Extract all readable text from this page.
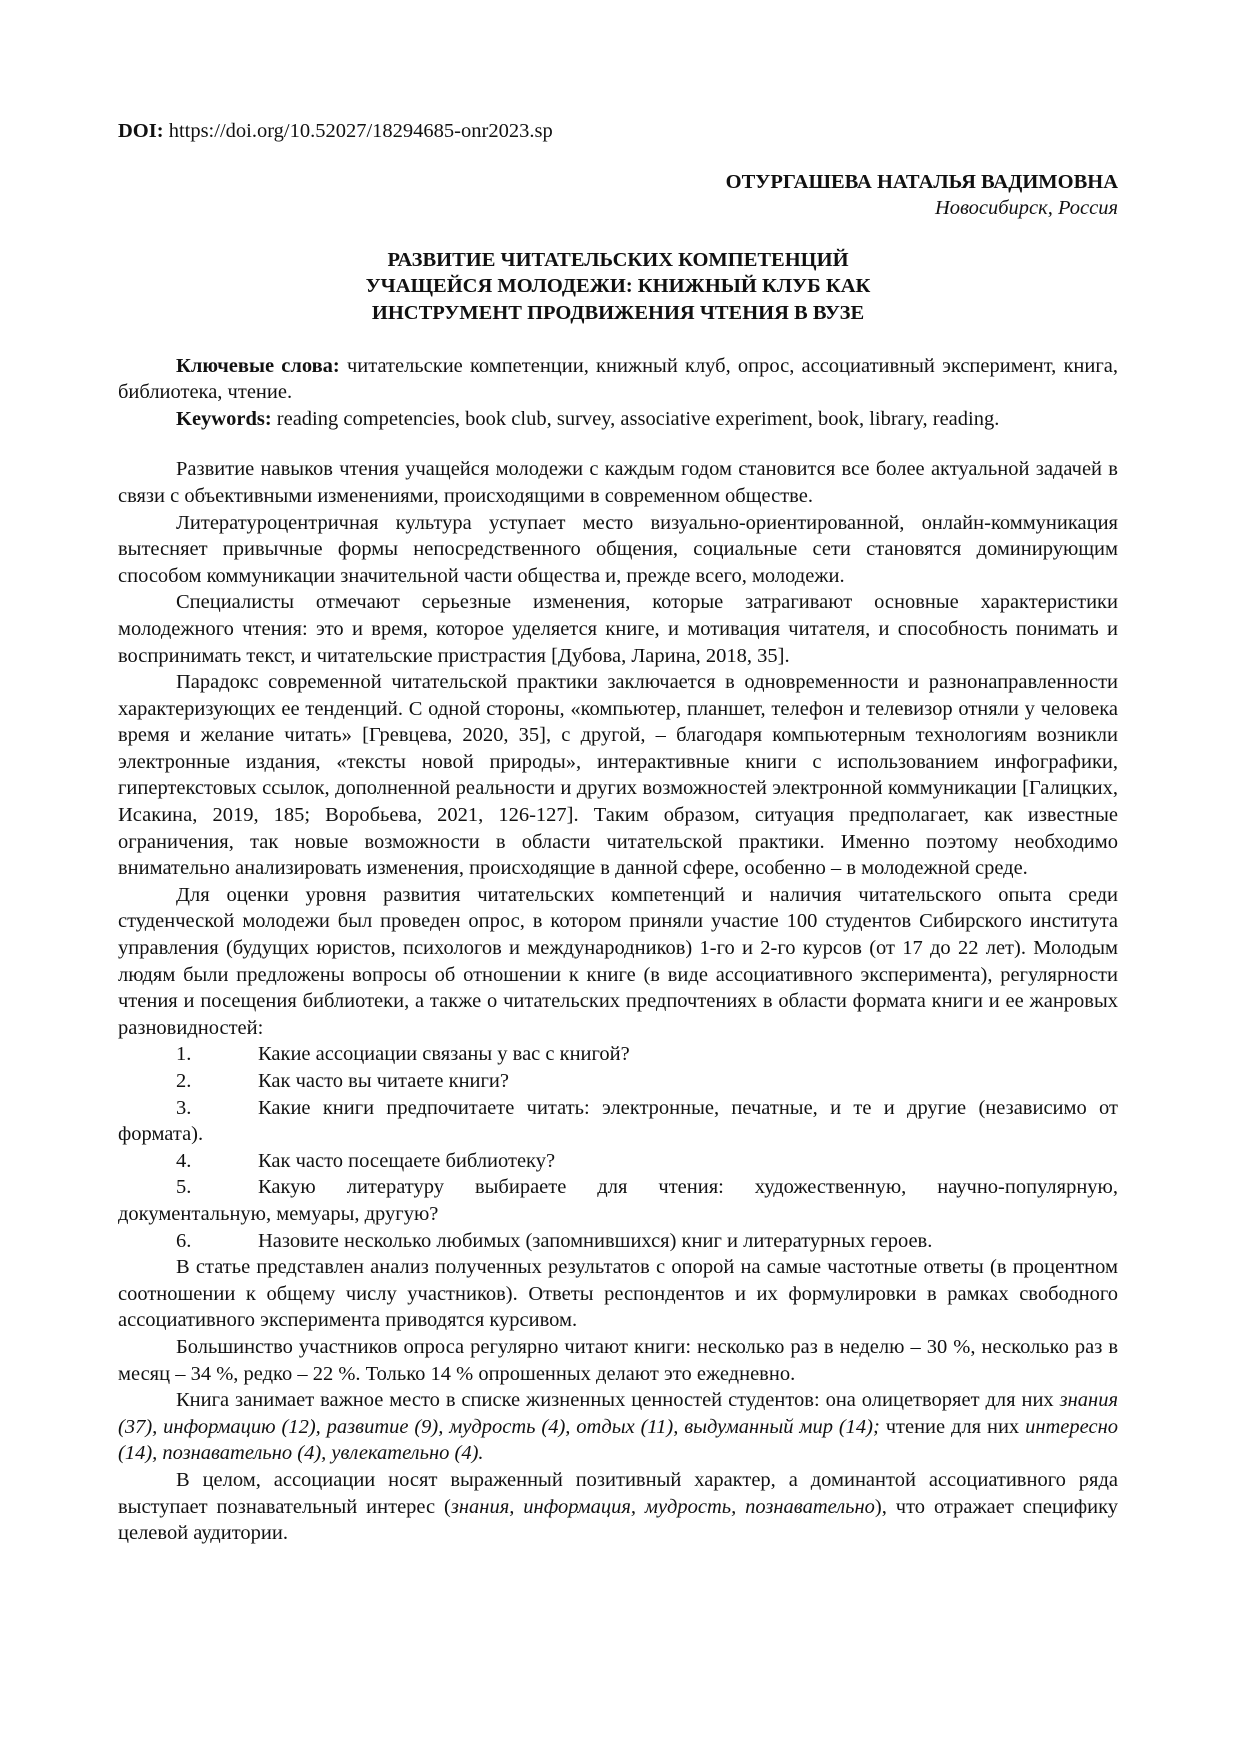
DOI: https://doi.org/10.52027/18294685-onr2023.sp

ОТУРГАШЕВА НАТАЛЬЯ ВАДИМОВНА
Новосибирск, Россия
РАЗВИТИЕ ЧИТАТЕЛЬСКИХ КОМПЕТЕНЦИЙ
УЧАЩЕЙСЯ МОЛОДЕЖИ: КНИЖНЫЙ КЛУБ КАК
ИНСТРУМЕНТ ПРОДВИЖЕНИЯ ЧТЕНИЯ В ВУЗЕ

Ключевые слова: читательские компетенции, книжный клуб, опрос, ассоциативный эксперимент, книга, библиотека, чтение.

Keywords: reading competencies, book club, survey, associative experiment, book, library, reading.

Развитие навыков чтения учащейся молодежи с каждым годом становится все более актуальной задачей в связи с объективными изменениями, происходящими в современном обществе.

Литературоцентричная культура уступает место визуально-ориентированной, онлайн-коммуникация вытесняет привычные формы непосредственного общения, социальные сети становятся доминирующим способом коммуникации значительной части общества и, прежде всего, молодежи.

Специалисты отмечают серьезные изменения, которые затрагивают основные характеристики молодежного чтения: это и время, которое уделяется книге, и мотивация читателя, и способность понимать и воспринимать текст, и читательские пристрастия [Дубова, Ларина, 2018, 35].

Парадокс современной читательской практики заключается в одновременности и разнонаправленности характеризующих ее тенденций. С одной стороны, «компьютер, планшет, телефон и телевизор отняли у человека время и желание читать» [Гревцева, 2020, 35], с другой, – благодаря компьютерным технологиям возникли электронные издания, «тексты новой природы», интерактивные книги с использованием инфографики, гипертекстовых ссылок, дополненной реальности и других возможностей электронной коммуникации [Галицких, Исакина, 2019, 185; Воробьева, 2021, 126-127]. Таким образом, ситуация предполагает, как известные ограничения, так новые возможности в области читательской практики. Именно поэтому необходимо внимательно анализировать изменения, происходящие в данной сфере, особенно – в молодежной среде.

Для оценки уровня развития читательских компетенций и наличия читательского опыта среди студенческой молодежи был проведен опрос, в котором приняли участие 100 студентов Сибирского института управления (будущих юристов, психологов и международников) 1-го и 2-го курсов (от 17 до 22 лет). Молодым людям были предложены вопросы об отношении к книге (в виде ассоциативного эксперимента), регулярности чтения и посещения библиотеки, а также о читательских предпочтениях в области формата книги и ее жанровых разновидностей:

1.	Какие ассоциации связаны у вас с книгой?

2.	Как часто вы читаете книги?

3.	Какие книги предпочитаете читать: электронные, печатные, и те и другие (независимо от формата).

4.	Как часто посещаете библиотеку?

5.	Какую литературу выбираете для чтения: художественную, научно-популярную, документальную, мемуары, другую?

6.	Назовите несколько любимых (запомнившихся) книг и литературных героев.

В статье представлен анализ полученных результатов с опорой на самые частотные ответы (в процентном соотношении к общему числу участников). Ответы респондентов и их формулировки в рамках свободного ассоциативного эксперимента приводятся курсивом.

Большинство участников опроса регулярно читают книги: несколько раз в неделю – 30 %, несколько раз в месяц – 34 %, редко – 22 %. Только 14 % опрошенных делают это ежедневно.

Книга занимает важное место в списке жизненных ценностей студентов: она олицетворяет для них знания (37), информацию (12), развитие (9), мудрость (4), отдых (11), выдуманный мир (14); чтение для них интересно (14), познавательно (4), увлекательно (4).

В целом, ассоциации носят выраженный позитивный характер, а доминантой ассоциативного ряда выступает познавательный интерес (знания, информация, мудрость, познавательно), что отражает специфику целевой аудитории.
